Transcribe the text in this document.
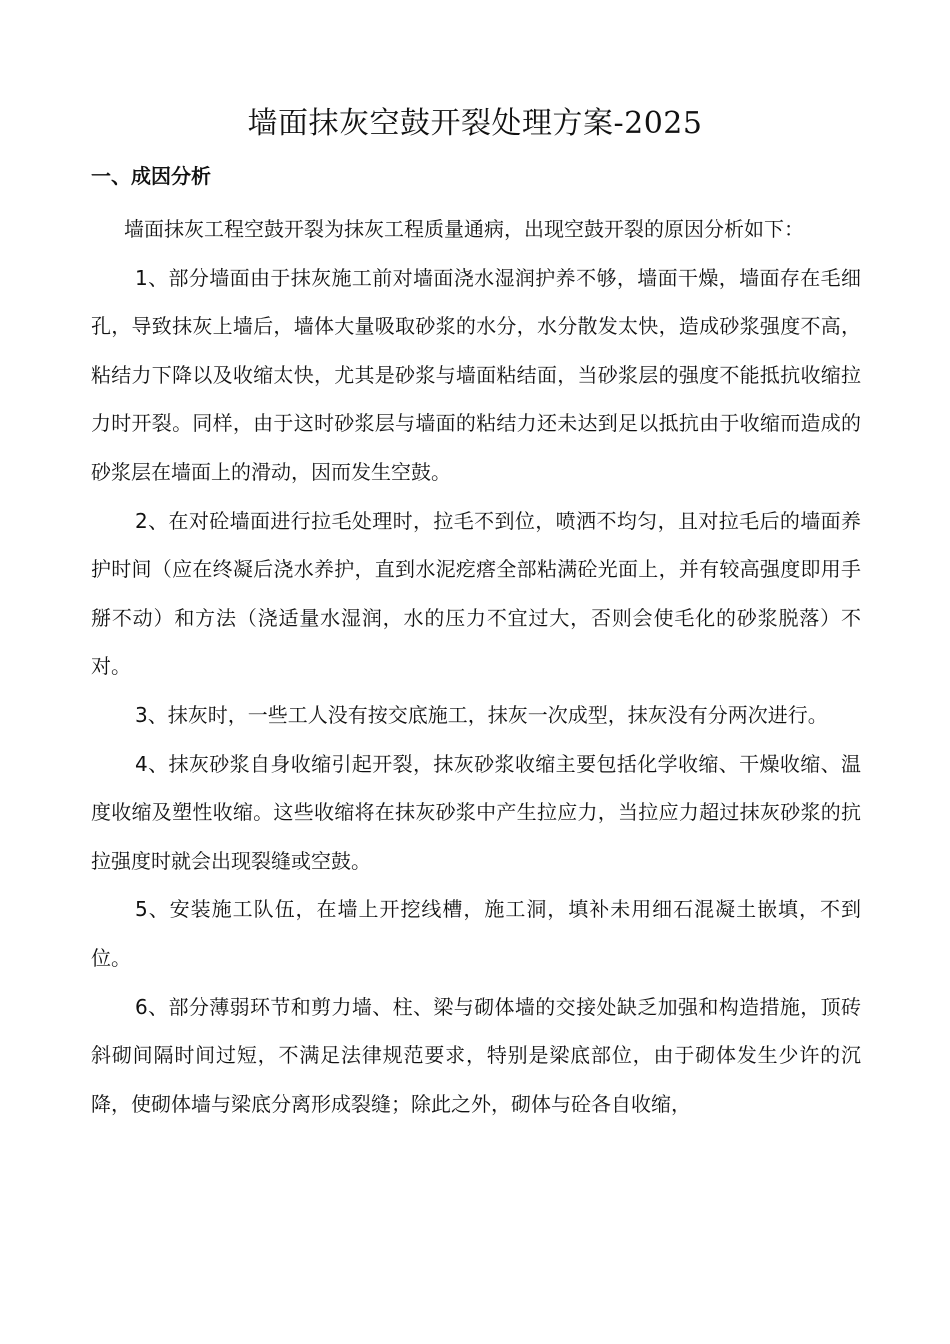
墙面抹灰空鼓开裂处理方案-2025
一、成因分析

墙面抹灰工程空鼓开裂为抹灰工程质量通病，出现空鼓开裂的原因分析如下：

1、部分墙面由于抹灰施工前对墙面浇水湿润护养不够，墙面干燥，墙面存在毛细孔，导致抹灰上墙后，墙体大量吸取砂浆的水分，水分散发太快，造成砂浆强度不高，粘结力下降以及收缩太快，尤其是砂浆与墙面粘结面，当砂浆层的强度不能抵抗收缩拉力时开裂。同样，由于这时砂浆层与墙面的粘结力还未达到足以抵抗由于收缩而造成的砂浆层在墙面上的滑动，因而发生空鼓。

2、在对砼墙面进行拉毛处理时，拉毛不到位，喷洒不均匀，且对拉毛后的墙面养护时间（应在终凝后浇水养护，直到水泥疙瘩全部粘满砼光面上，并有较高强度即用手掰不动）和方法（浇适量水湿润，水的压力不宜过大，否则会使毛化的砂浆脱落）不对。

3、抹灰时，一些工人没有按交底施工，抹灰一次成型，抹灰没有分两次进行。

4、抹灰砂浆自身收缩引起开裂，抹灰砂浆收缩主要包括化学收缩、干燥收缩、温度收缩及塑性收缩。这些收缩将在抹灰砂浆中产生拉应力，当拉应力超过抹灰砂浆的抗拉强度时就会出现裂缝或空鼓。

5、安装施工队伍，在墙上开挖线槽，施工洞，填补未用细石混凝土嵌填，不到位。

6、部分薄弱环节和剪力墙、柱、梁与砌体墙的交接处缺乏加强和构造措施，顶砖斜砌间隔时间过短，不满足法律规范要求，特别是梁底部位，由于砌体发生少许的沉降，使砌体墙与梁底分离形成裂缝；除此之外，砌体与砼各自收缩，
